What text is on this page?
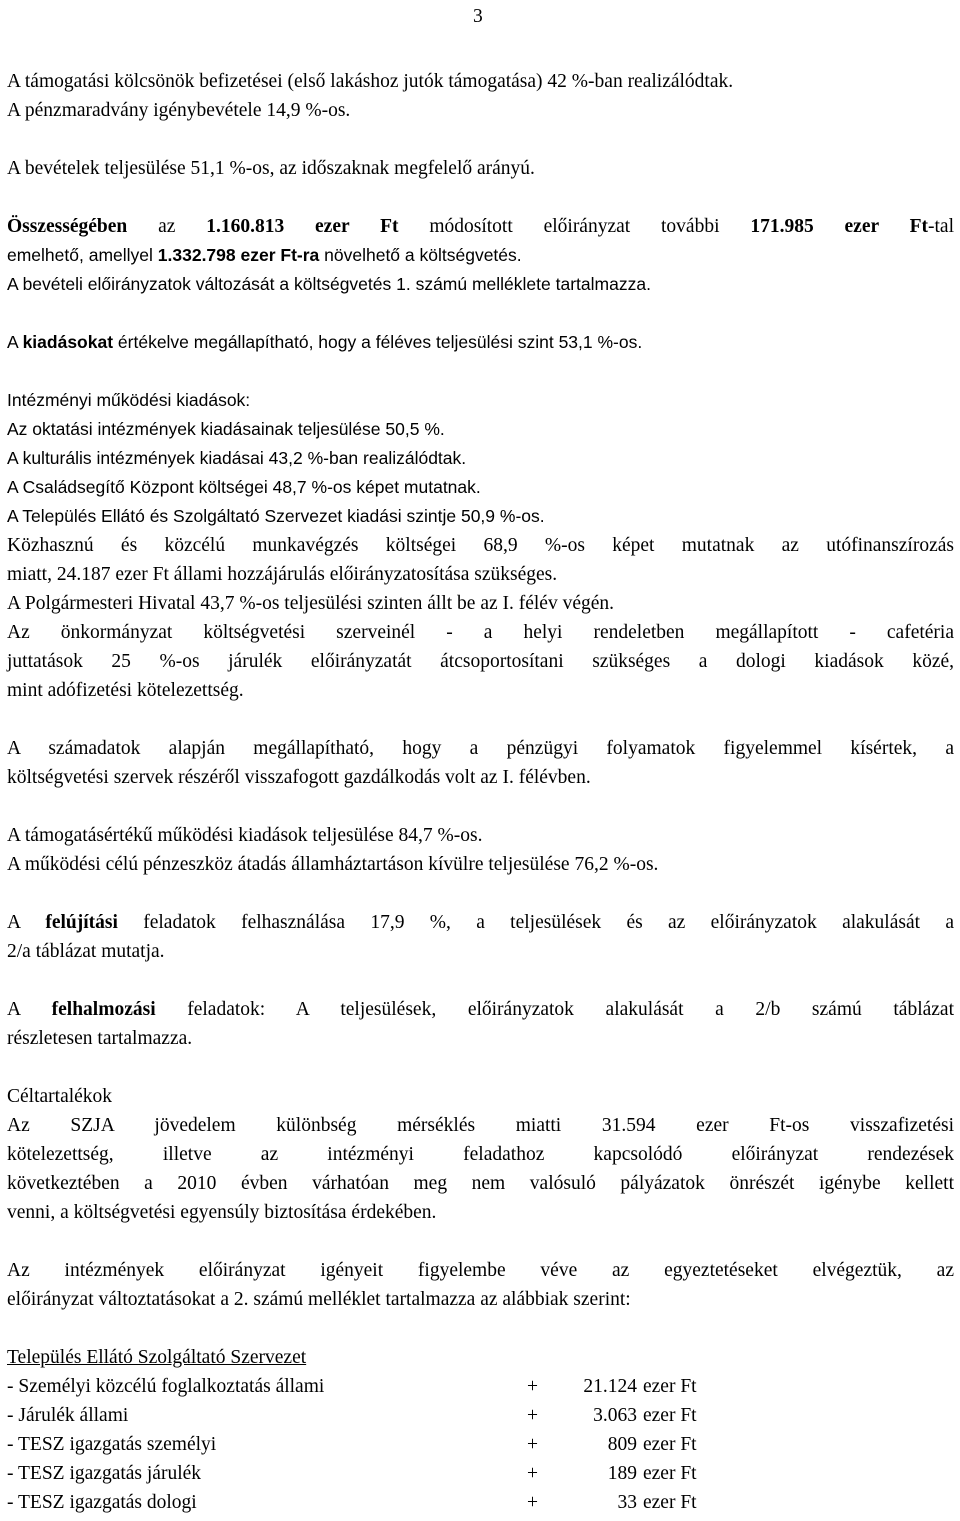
3
A támogatási kölcsönök befizetései (első lakáshoz jutók támogatása) 42 %-ban realizálódtak.
A pénzmaradvány igénybevétele 14,9 %-os.
A bevételek teljesülése 51,1 %-os, az időszaknak megfelelő arányú.
Összességében az 1.160.813 ezer Ft módosított előirányzat további 171.985 ezer Ft-tal
emelhető, amellyel 1.332.798 ezer Ft-ra növelhető a költségvetés.
A bevételi előirányzatok változását a költségvetés 1. számú melléklete tartalmazza.
A kiadásokat értékelve megállapítható, hogy a féléves teljesülési szint 53,1 %-os.
Intézményi működési kiadások:
Az oktatási intézmények kiadásainak teljesülése 50,5 %.
A kulturális intézmények kiadásai 43,2 %-ban realizálódtak.
A Családsegítő Központ költségei 48,7 %-os képet mutatnak.
A Település Ellátó és Szolgáltató Szervezet kiadási szintje 50,9 %-os.
Közhasznú és közcélú munkavégzés költségei 68,9 %-os képet mutatnak az utófinanszírozás
miatt, 24.187 ezer Ft állami hozzájárulás előirányzatosítása szükséges.
A Polgármesteri Hivatal 43,7 %-os teljesülési szinten állt be az I. félév végén.
Az önkormányzat költségvetési szerveinél - a helyi rendeletben megállapított - cafetéria
juttatások 25 %-os járulék előirányzatát átcsoportosítani szükséges a dologi kiadások közé,
mint adófizetési kötelezettség.
A számadatok alapján megállapítható, hogy a pénzügyi folyamatok figyelemmel kísértek, a
költségvetési szervek részéről visszafogott gazdálkodás volt az I. félévben.
A támogatásértékű működési kiadások teljesülése 84,7 %-os.
A működési célú pénzeszköz átadás államháztartáson kívülre teljesülése 76,2 %-os.
A felújítási feladatok felhasználása 17,9 %, a teljesülések és az előirányzatok alakulását a
2/a táblázat mutatja.
A felhalmozási feladatok: A teljesülések, előirányzatok alakulását a 2/b számú táblázat
részletesen tartalmazza.
Céltartalékok
Az SZJA jövedelem különbség mérséklés miatti 31.594 ezer Ft-os visszafizetési
kötelezettség, illetve az intézményi feladathoz kapcsolódó előirányzat rendezések
következtében a 2010 évben várhatóan meg nem valósuló pályázatok önrészét igénybe kellett
venni, a költségvetési egyensúly biztosítása érdekében.
Az intézmények előirányzat igényeit figyelembe véve az egyeztetéseket elvégeztük, az
előirányzat változtatásokat a 2. számú melléklet tartalmazza az alábbiak szerint:
Település Ellátó Szolgáltató Szervezet
- Személyi közcélú foglalkoztatás állami	+	21.124 ezer Ft
- Járulék állami	+	3.063 ezer Ft
- TESZ igazgatás személyi	+	809 ezer Ft
- TESZ igazgatás járulék	+	189 ezer Ft
- TESZ igazgatás dologi	+	33 ezer Ft
